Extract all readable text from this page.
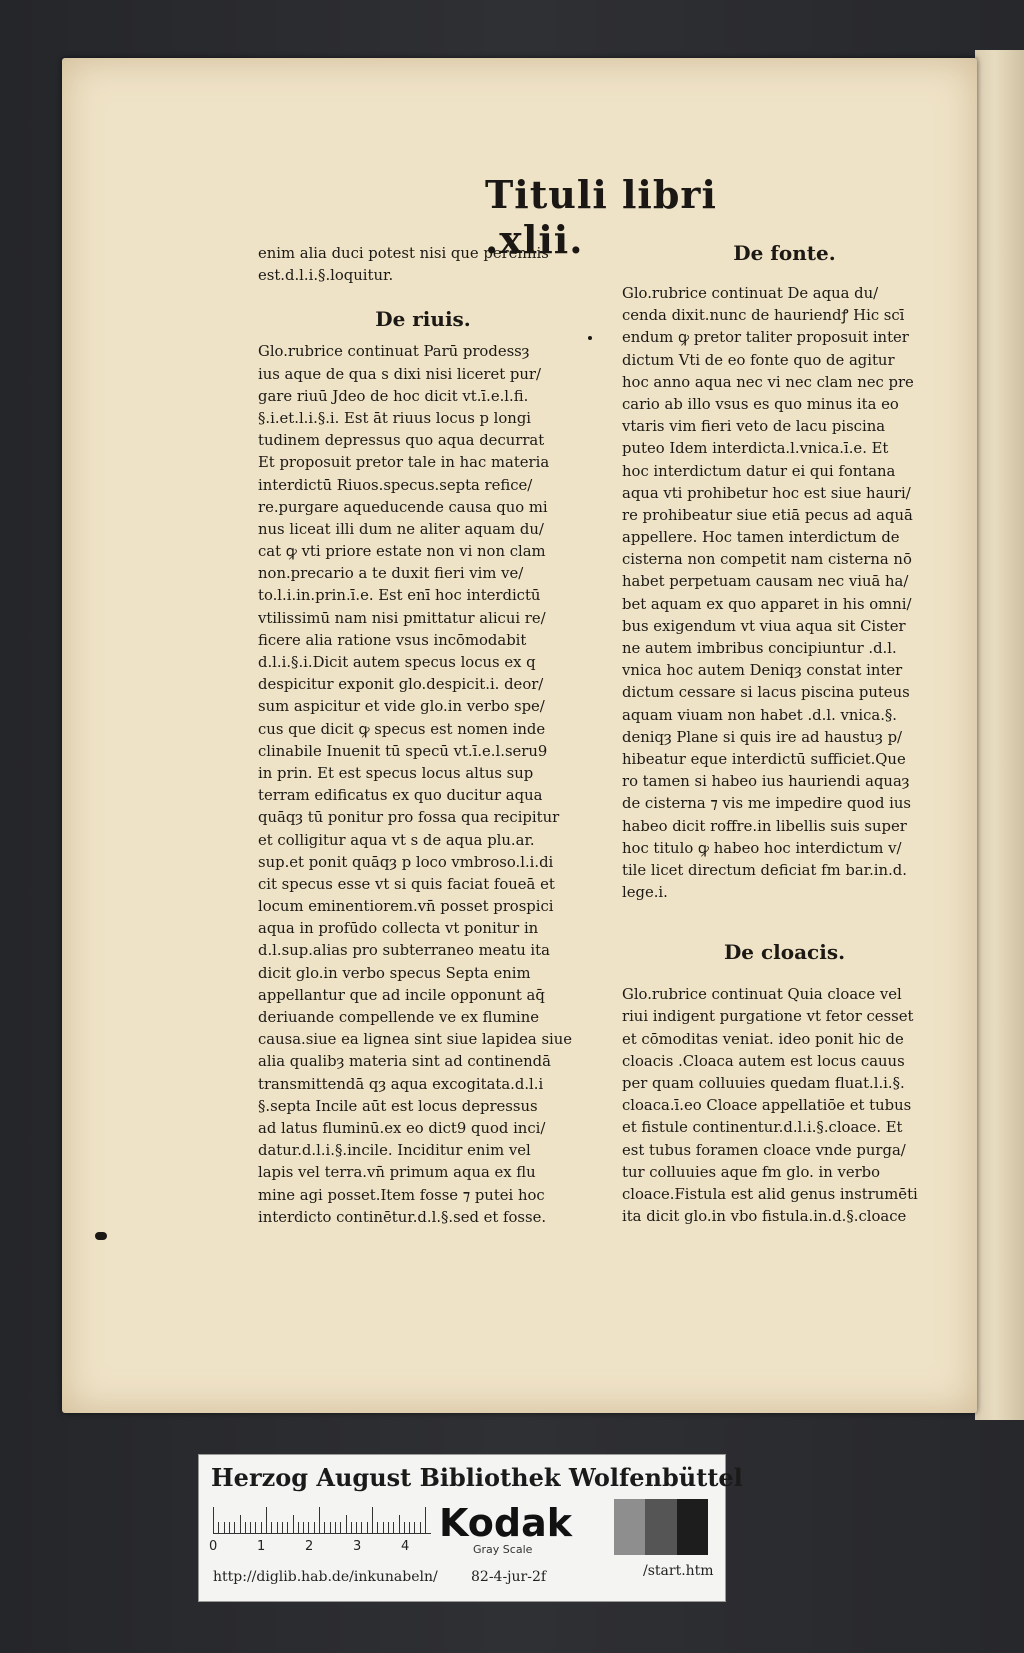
Tituli libri .xlii.
enim alia duci potest nisi que perennis
est.d.l.i.§.loquitur.
De riuis.
Glo.rubrice continuat Parū prodessȝ
ius aque de qua s dixi nisi liceret pur/
gare riuū Jdeo de hoc dicit vt.ī.e.l.fi.
§.i.et.l.i.§.i. Est āt riuus locus p longi
tudinem depressus quo aqua decurrat
Et proposuit pretor tale in hac materia
interdictū Riuos.specus.septa refice/
re.purgare aqueducende causa quo mi
nus liceat illi dum ne aliter aquam du/
cat ꝙ vti priore estate non vi non clam
non.precario a te duxit fieri vim ve/
to.l.i.in.prin.ī.e. Est enī hoc interdictū
vtilissimū nam nisi pmittatur alicui re/
ficere alia ratione vsus incōmodabit
d.l.i.§.i.Dicit autem specus locus ex q
despicitur exponit glo.despicit.i. deor/
sum aspicitur et vide glo.in verbo spe/
cus que dicit ꝙ specus est nomen inde
clinabile Inuenit tū specū vt.ī.e.l.seru9
in prin. Et est specus locus altus sup
terram edificatus ex quo ducitur aqua
quāqȝ tū ponitur pro fossa qua recipitur
et colligitur aqua vt s de aqua plu.ar.
sup.et ponit quāqȝ p loco vmbroso.l.i.di
cit specus esse vt si quis faciat foueā et
locum eminentiorem.vn̄ posset prospici
aqua in profūdo collecta vt ponitur in
d.l.sup.alias pro subterraneo meatu ita
dicit glo.in verbo specus Septa enim
appellantur que ad incile opponunt aq̄
deriuande compellende ve ex flumine
causa.siue ea lignea sint siue lapidea siue
alia qualibȝ materia sint ad continendā
transmittendā qȝ aqua excogitata.d.l.i
§.septa Incile aūt est locus depressus
ad latus fluminū.ex eo dict9 quod inci/
datur.d.l.i.§.incile. Inciditur enim vel
lapis vel terra.vn̄ primum aqua ex flu
mine agi posset.Item fosse ⁊ putei hoc
interdicto continētur.d.l.§.sed et fosse.
De fonte.
Glo.rubrice continuat De aqua du/
cenda dixit.nunc de hauriendꝭ Hic scī
endum ꝙ pretor taliter proposuit inter
dictum Vti de eo fonte quo de agitur
hoc anno aqua nec vi nec clam nec pre
cario ab illo vsus es quo minus ita eo
vtaris vim fieri veto de lacu piscina
puteo Idem interdicta.l.vnica.ī.e. Et
hoc interdictum datur ei qui fontana
aqua vti prohibetur hoc est siue hauri/
re prohibeatur siue etiā pecus ad aquā
appellere. Hoc tamen interdictum de
cisterna non competit nam cisterna nō
habet perpetuam causam nec viuā ha/
bet aquam ex quo apparet in his omni/
bus exigendum vt viua aqua sit Cister
ne autem imbribus concipiuntur .d.l.
vnica hoc autem Deniqȝ constat inter
dictum cessare si lacus piscina puteus
aquam viuam non habet .d.l. vnica.§.
deniqȝ Plane si quis ire ad haustuȝ p/
hibeatur eque interdictū sufficiet.Que
ro tamen si habeo ius hauriendi aquaȝ
de cisterna ⁊ vis me impedire quod ius
habeo dicit roffre.in libellis suis super
hoc titulo ꝙ habeo hoc interdictum v/
tile licet directum deficiat fm bar.in.d.
lege.i.
De cloacis.
Glo.rubrice continuat Quia cloace vel
riui indigent purgatione vt fetor cesset
et cōmoditas veniat. ideo ponit hic de
cloacis .Cloaca autem est locus cauus
per quam colluuies quedam fluat.l.i.§.
cloaca.ī.eo Cloace appellatiōe et tubus
et fistule continentur.d.l.i.§.cloace. Et
est tubus foramen cloace vnde purga/
tur colluuies aque fm glo. in verbo
cloace.Fistula est alid genus instrumēti
ita dicit glo.in vbo fistula.in.d.§.cloace
Herzog August Bibliothek Wolfenbüttel
0	1	2	3	4
Kodak
Gray Scale
http://diglib.hab.de/inkunabeln/ 82-4-jur-2f	/start.htm
